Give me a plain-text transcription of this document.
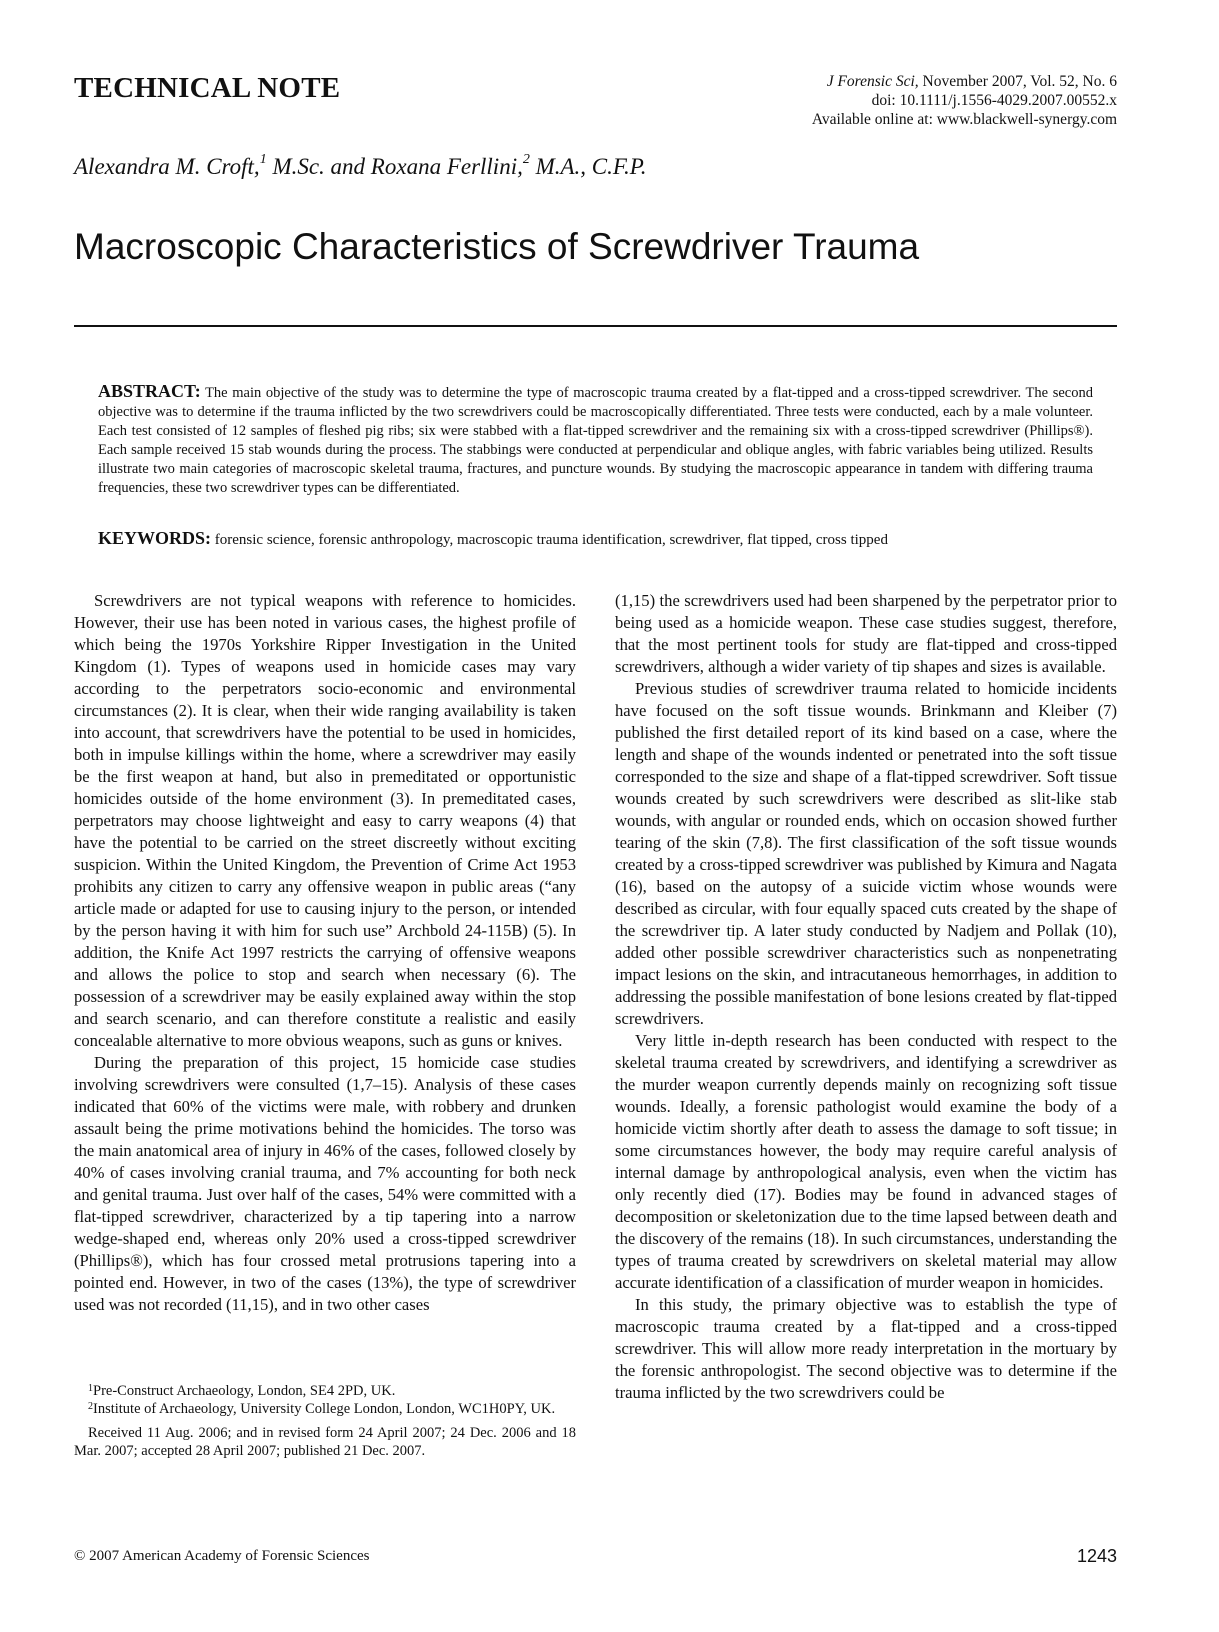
TECHNICAL NOTE	J Forensic Sci, November 2007, Vol. 52, No. 6
doi: 10.1111/j.1556-4029.2007.00552.x
Available online at: www.blackwell-synergy.com
Alexandra M. Croft,$^1$ M.Sc. and Roxana Ferllini,$^2$ M.A., C.F.P.
Macroscopic Characteristics of Screwdriver Trauma
ABSTRACT: The main objective of the study was to determine the type of macroscopic trauma created by a flat-tipped and a cross-tipped screwdriver. The second objective was to determine if the trauma inflicted by the two screwdrivers could be macroscopically differentiated. Three tests were conducted, each by a male volunteer. Each test consisted of 12 samples of fleshed pig ribs; six were stabbed with a flat-tipped screwdriver and the remaining six with a cross-tipped screwdriver (Phillips®). Each sample received 15 stab wounds during the process. The stabbings were conducted at perpendicular and oblique angles, with fabric variables being utilized. Results illustrate two main categories of macroscopic skeletal trauma, fractures, and puncture wounds. By studying the macroscopic appearance in tandem with differing trauma frequencies, these two screwdriver types can be differentiated.
KEYWORDS: forensic science, forensic anthropology, macroscopic trauma identification, screwdriver, flat tipped, cross tipped

Screwdrivers are not typical weapons with reference to homicides. However, their use has been noted in various cases, the highest profile of which being the 1970s Yorkshire Ripper Investigation in the United Kingdom (1). Types of weapons used in homicide cases may vary according to the perpetrators socio-economic and environmental circumstances (2). It is clear, when their wide ranging availability is taken into account, that screwdrivers have the potential to be used in homicides, both in impulse killings within the home, where a screwdriver may easily be the first weapon at hand, but also in premeditated or opportunistic homicides outside of the home environment (3). In premeditated cases, perpetrators may choose lightweight and easy to carry weapons (4) that have the potential to be carried on the street discreetly without exciting suspicion. Within the United Kingdom, the Prevention of Crime Act 1953 prohibits any citizen to carry any offensive weapon in public areas (“any article made or adapted for use to causing injury to the person, or intended by the person having it with him for such use” Archbold 24-115B) (5). In addition, the Knife Act 1997 restricts the carrying of offensive weapons and allows the police to stop and search when necessary (6). The possession of a screwdriver may be easily explained away within the stop and search scenario, and can therefore constitute a realistic and easily concealable alternative to more obvious weapons, such as guns or knives.

During the preparation of this project, 15 homicide case studies involving screwdrivers were consulted (1,7–15). Analysis of these cases indicated that 60% of the victims were male, with robbery and drunken assault being the prime motivations behind the homicides. The torso was the main anatomical area of injury in 46% of the cases, followed closely by 40% of cases involving cranial trauma, and 7% accounting for both neck and genital trauma. Just over half of the cases, 54% were committed with a flat-tipped screwdriver, characterized by a tip tapering into a narrow wedge-shaped end, whereas only 20% used a cross-tipped screwdriver (Phillips®), which has four crossed metal protrusions tapering into a pointed end. However, in two of the cases (13%), the type of screwdriver used was not recorded (11,15), and in two other cases

(1,15) the screwdrivers used had been sharpened by the perpetrator prior to being used as a homicide weapon. These case studies suggest, therefore, that the most pertinent tools for study are flat-tipped and cross-tipped screwdrivers, although a wider variety of tip shapes and sizes is available.

Previous studies of screwdriver trauma related to homicide incidents have focused on the soft tissue wounds. Brinkmann and Kleiber (7) published the first detailed report of its kind based on a case, where the length and shape of the wounds indented or penetrated into the soft tissue corresponded to the size and shape of a flat-tipped screwdriver. Soft tissue wounds created by such screwdrivers were described as slit-like stab wounds, with angular or rounded ends, which on occasion showed further tearing of the skin (7,8). The first classification of the soft tissue wounds created by a cross-tipped screwdriver was published by Kimura and Nagata (16), based on the autopsy of a suicide victim whose wounds were described as circular, with four equally spaced cuts created by the shape of the screwdriver tip. A later study conducted by Nadjem and Pollak (10), added other possible screwdriver characteristics such as nonpenetrating impact lesions on the skin, and intracutaneous hemorrhages, in addition to addressing the possible manifestation of bone lesions created by flat-tipped screwdrivers.

Very little in-depth research has been conducted with respect to the skeletal trauma created by screwdrivers, and identifying a screwdriver as the murder weapon currently depends mainly on recognizing soft tissue wounds. Ideally, a forensic pathologist would examine the body of a homicide victim shortly after death to assess the damage to soft tissue; in some circumstances however, the body may require careful analysis of internal damage by anthropological analysis, even when the victim has only recently died (17). Bodies may be found in advanced stages of decomposition or skeletonization due to the time lapsed between death and the discovery of the remains (18). In such circumstances, understanding the types of trauma created by screwdrivers on skeletal material may allow accurate identification of a classification of murder weapon in homicides.

In this study, the primary objective was to establish the type of macroscopic trauma created by a flat-tipped and a cross-tipped screwdriver. This will allow more ready interpretation in the mortuary by the forensic anthropologist. The second objective was to determine if the trauma inflicted by the two screwdrivers could be

$^1$Pre-Construct Archaeology, London, SE4 2PD, UK.

$^2$Institute of Archaeology, University College London, London, WC1H0PY, UK.

Received 11 Aug. 2006; and in revised form 24 April 2007; 24 Dec. 2006 and 18 Mar. 2007; accepted 28 April 2007; published 21 Dec. 2007.

© 2007 American Academy of Forensic Sciences	1243
